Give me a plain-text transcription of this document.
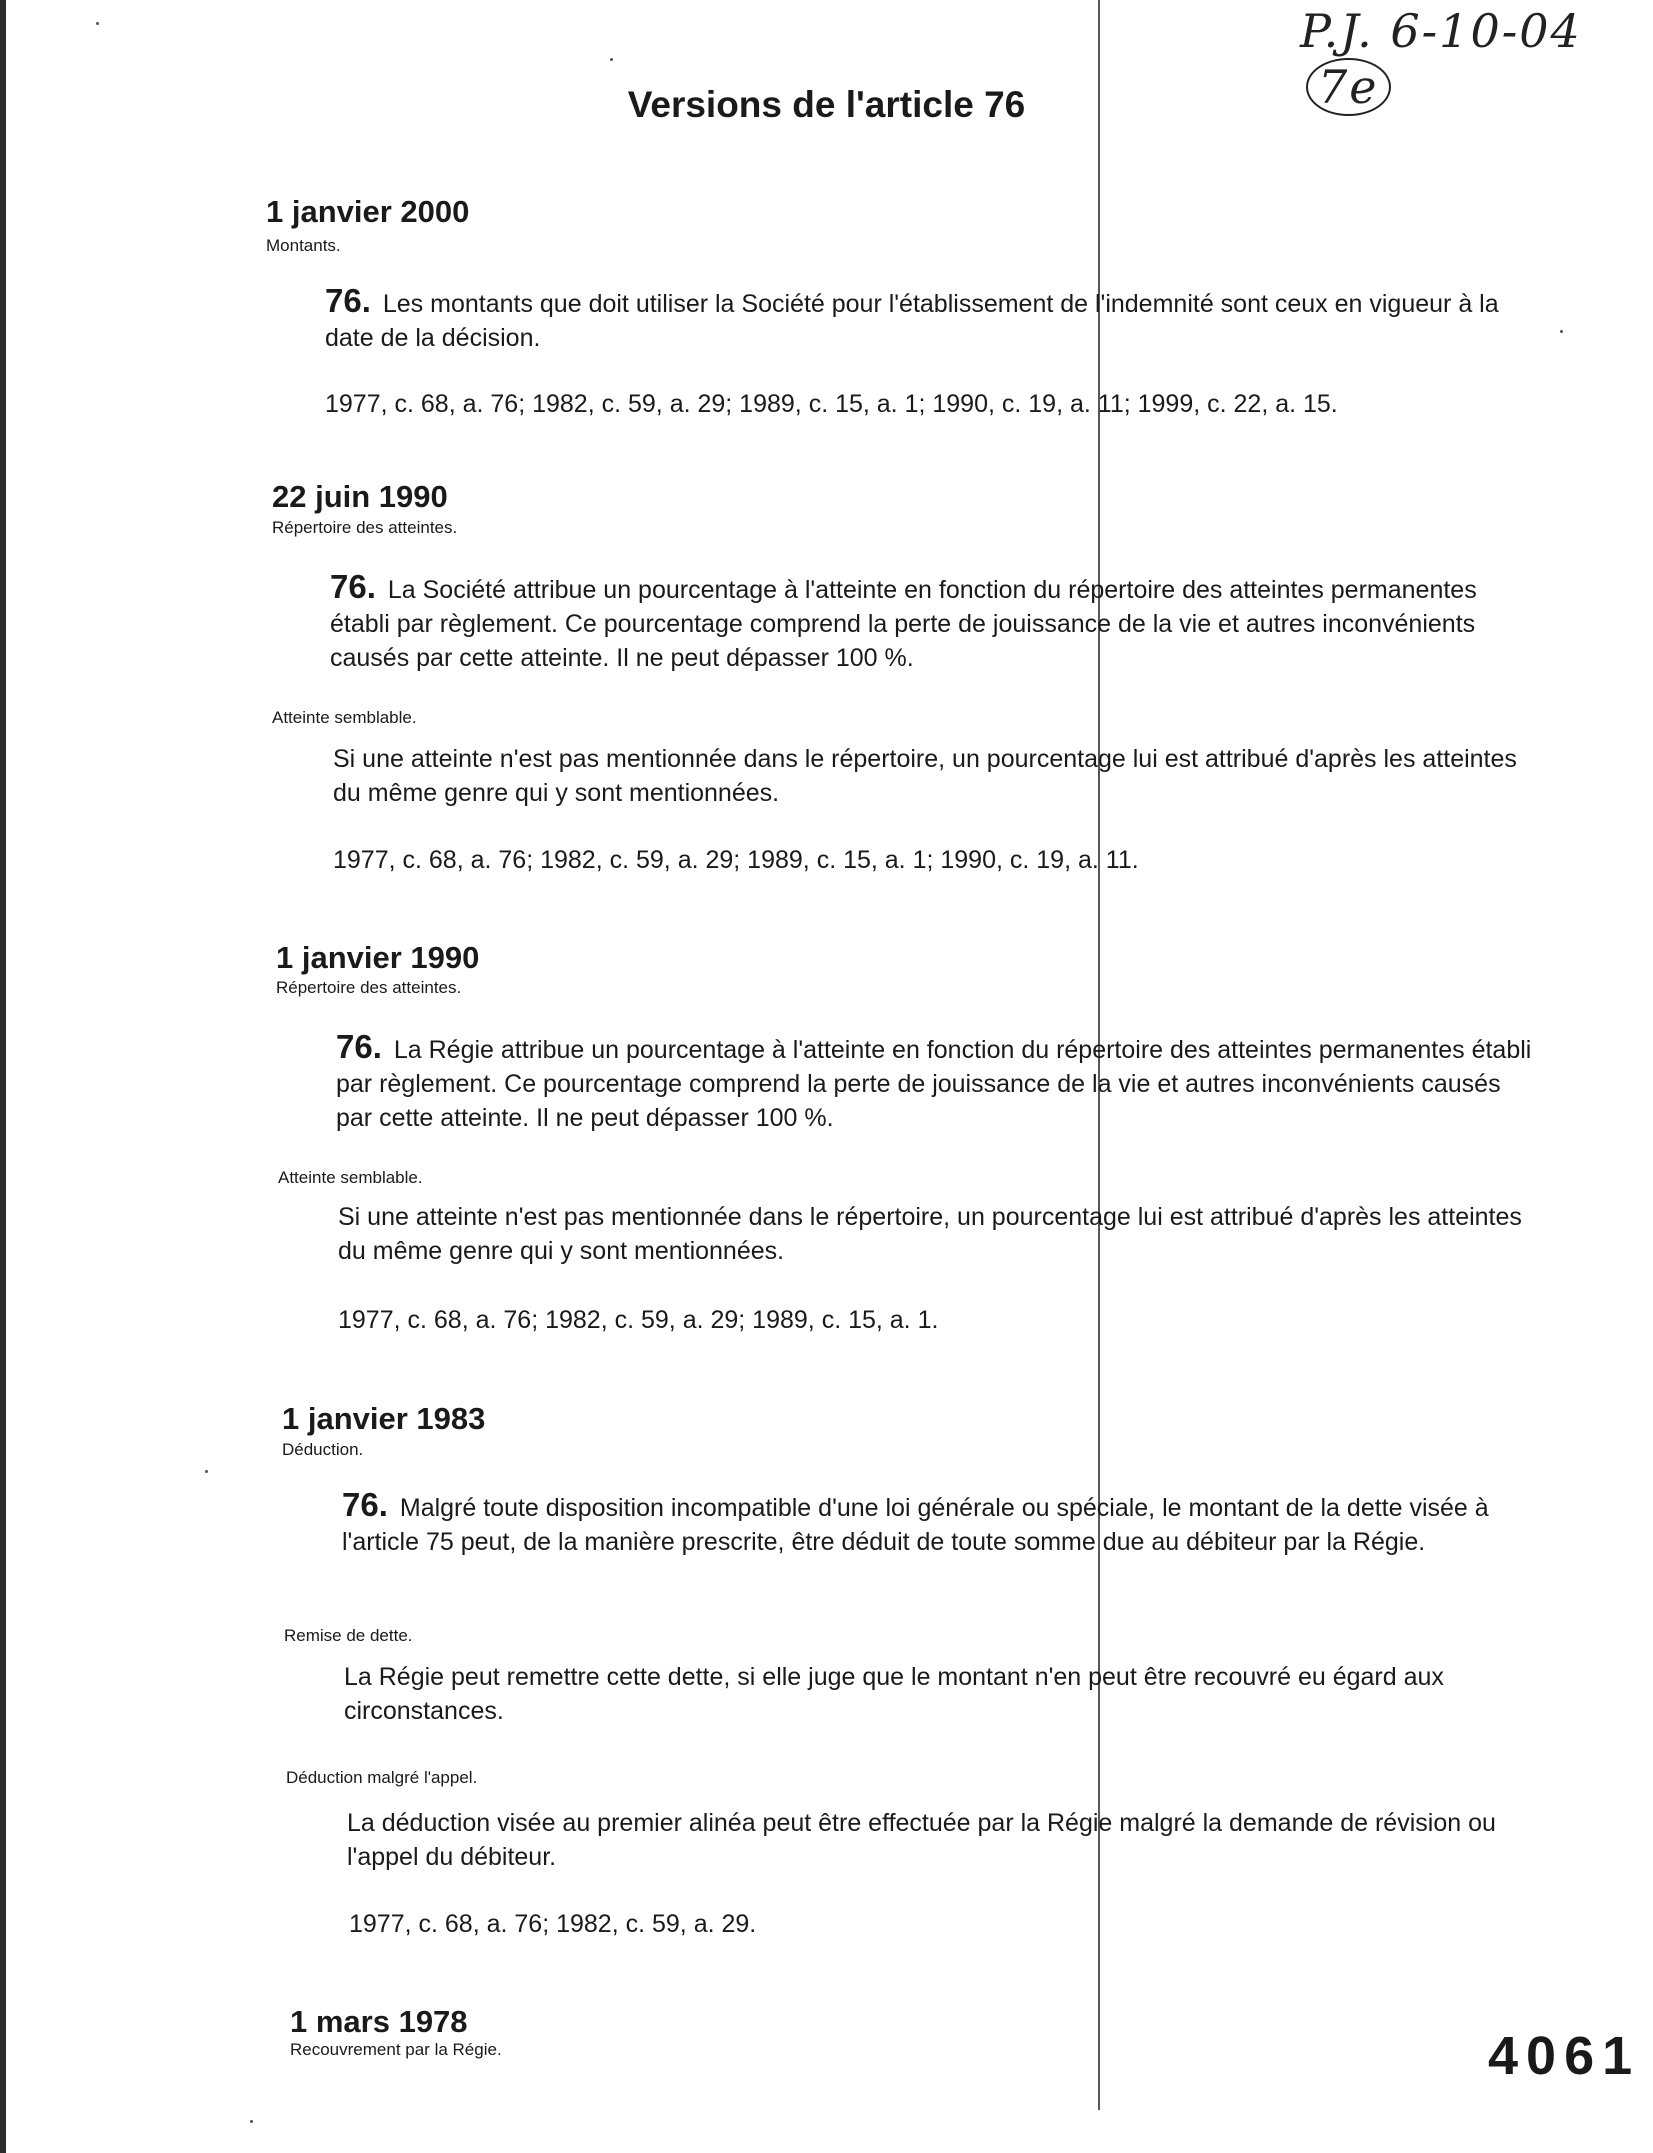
P.J. 6-10-047e
Versions de l'article 76
1 janvier 2000
Montants.

76. Les montants que doit utiliser la Société pour l'établissement de l'indemnité sont ceux en vigueur à la date de la décision.

1977, c. 68, a. 76; 1982, c. 59, a. 29; 1989, c. 15, a. 1; 1990, c. 19, a. 11; 1999, c. 22, a. 15.
22 juin 1990
Répertoire des atteintes.

76. La Société attribue un pourcentage à l'atteinte en fonction du répertoire des atteintes permanentes établi par règlement. Ce pourcentage comprend la perte de jouissance de la vie et autres inconvénients causés par cette atteinte. Il ne peut dépasser 100 %.

Atteinte semblable.

Si une atteinte n'est pas mentionnée dans le répertoire, un pourcentage lui est attribué d'après les atteintes du même genre qui y sont mentionnées.

1977, c. 68, a. 76; 1982, c. 59, a. 29; 1989, c. 15, a. 1; 1990, c. 19, a. 11.
1 janvier 1990
Répertoire des atteintes.

76. La Régie attribue un pourcentage à l'atteinte en fonction du répertoire des atteintes permanentes établi par règlement. Ce pourcentage comprend la perte de jouissance de la vie et autres inconvénients causés par cette atteinte. Il ne peut dépasser 100 %.

Atteinte semblable.

Si une atteinte n'est pas mentionnée dans le répertoire, un pourcentage lui est attribué d'après les atteintes du même genre qui y sont mentionnées.

1977, c. 68, a. 76; 1982, c. 59, a. 29; 1989, c. 15, a. 1.
1 janvier 1983
Déduction.

76. Malgré toute disposition incompatible d'une loi générale ou spéciale, le montant de la dette visée à l'article 75 peut, de la manière prescrite, être déduit de toute somme due au débiteur par la Régie.

Remise de dette.

La Régie peut remettre cette dette, si elle juge que le montant n'en peut être recouvré eu égard aux circonstances.

Déduction malgré l'appel.

La déduction visée au premier alinéa peut être effectuée par la Régie malgré la demande de révision ou l'appel du débiteur.

1977, c. 68, a. 76; 1982, c. 59, a. 29.
1 mars 1978
Recouvrement par la Régie.	4061
